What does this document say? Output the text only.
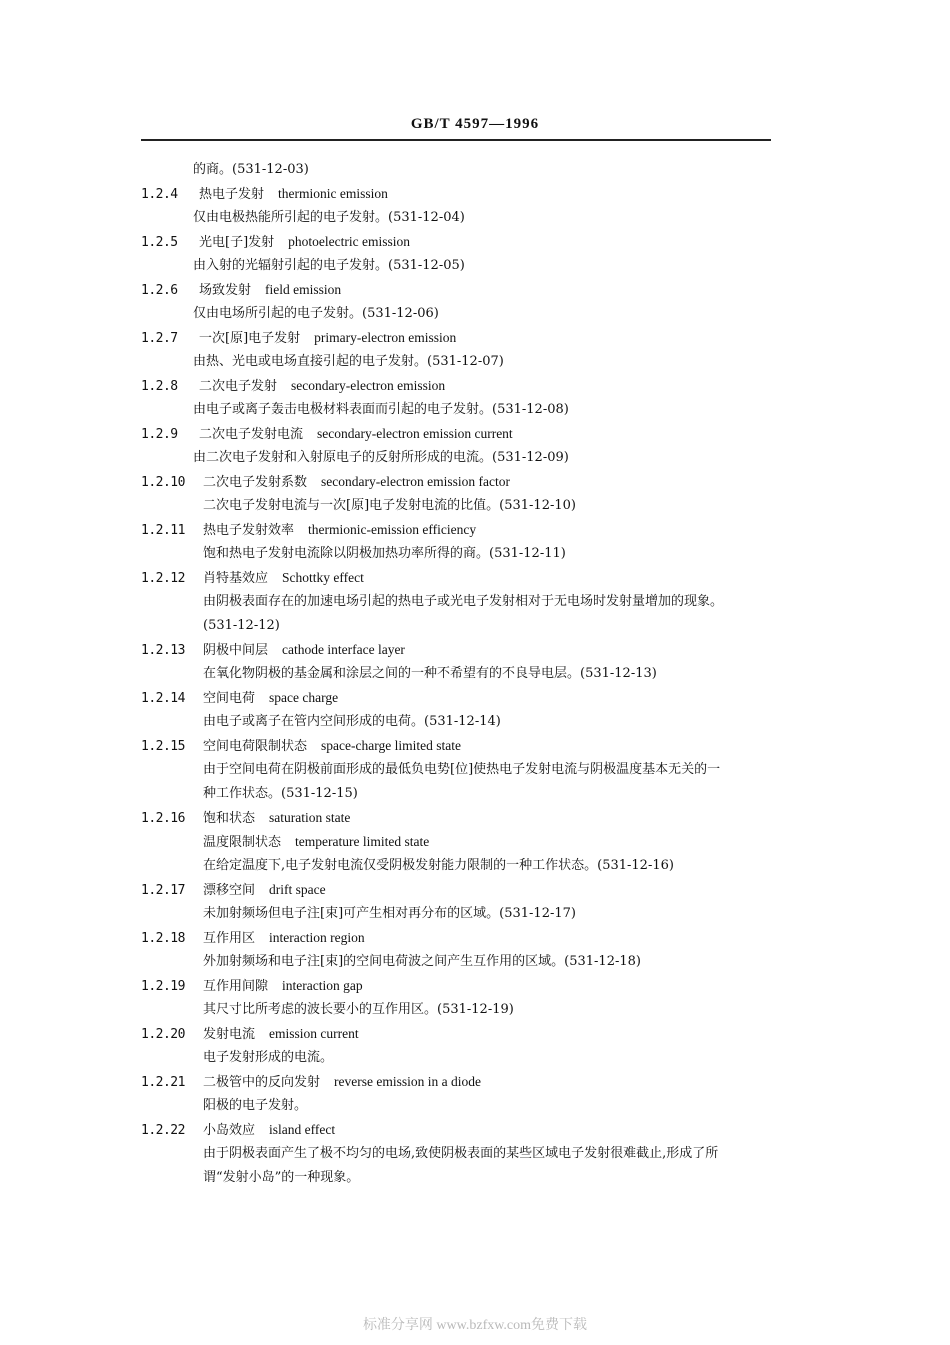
GB/T 4597—1996
的商。(531-12-03)
1.2.4 热电子发射 thermionic emission
仅由电极热能所引起的电子发射。(531-12-04)
1.2.5 光电[子]发射 photoelectric emission
由入射的光辐射引起的电子发射。(531-12-05)
1.2.6 场致发射 field emission
仅由电场所引起的电子发射。(531-12-06)
1.2.7 一次[原]电子发射 primary-electron emission
由热、光电或电场直接引起的电子发射。(531-12-07)
1.2.8 二次电子发射 secondary-electron emission
由电子或离子轰击电极材料表面而引起的电子发射。(531-12-08)
1.2.9 二次电子发射电流 secondary-electron emission current
由二次电子发射和入射原电子的反射所形成的电流。(531-12-09)
1.2.10 二次电子发射系数 secondary-electron emission factor
二次电子发射电流与一次[原]电子发射电流的比值。(531-12-10)
1.2.11 热电子发射效率 thermionic-emission efficiency
饱和热电子发射电流除以阴极加热功率所得的商。(531-12-11)
1.2.12 肖特基效应 Schottky effect
由阴极表面存在的加速电场引起的热电子或光电子发射相对于无电场时发射量增加的现象。
(531-12-12)
1.2.13 阴极中间层 cathode interface layer
在氧化物阴极的基金属和涂层之间的一种不希望有的不良导电层。(531-12-13)
1.2.14 空间电荷 space charge
由电子或离子在管内空间形成的电荷。(531-12-14)
1.2.15 空间电荷限制状态 space-charge limited state
由于空间电荷在阴极前面形成的最低负电势[位]使热电子发射电流与阴极温度基本无关的一
种工作状态。(531-12-15)
1.2.16 饱和状态 saturation state
温度限制状态 temperature limited state
在给定温度下,电子发射电流仅受阴极发射能力限制的一种工作状态。(531-12-16)
1.2.17 漂移空间 drift space
未加射频场但电子注[束]可产生相对再分布的区域。(531-12-17)
1.2.18 互作用区 interaction region
外加射频场和电子注[束]的空间电荷波之间产生互作用的区域。(531-12-18)
1.2.19 互作用间隙 interaction gap
其尺寸比所考虑的波长要小的互作用区。(531-12-19)
1.2.20 发射电流 emission current
电子发射形成的电流。
1.2.21 二极管中的反向发射 reverse emission in a diode
阳极的电子发射。
1.2.22 小岛效应 island effect
由于阴极表面产生了极不均匀的电场,致使阴极表面的某些区域电子发射很难截止,形成了所
谓“发射小岛”的一种现象。
标准分享网 www.bzfxw.com免费下载
